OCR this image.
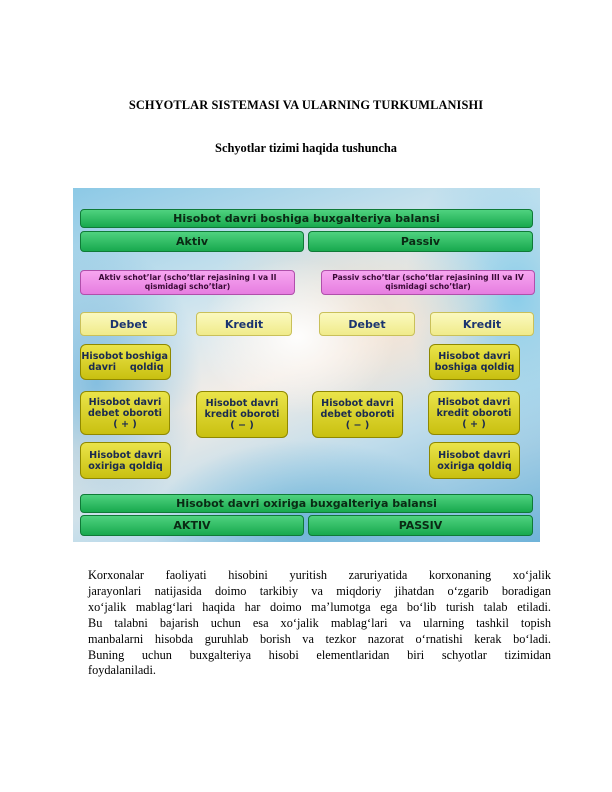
SCHYOTLAR SISTEMASI VA ULARNING TURKUMLANISHI
Schyotlar tizimi haqida tushuncha
Hisobot davri boshiga buxgalteriya balansi
Aktiv	Passiv
Aktiv schot’lar (scho’tlar rejasining I va II qismidagi scho’tlar)
Passiv scho’tlar (scho’tlar rejasining III va IV qismidagi scho’tlar)
Debet	Kredit	Debet	Kredit
Hisobot davri
boshiga qoldiq
Hisobot davri
debet oboroti
( + )
Hisobot davri
kredit oboroti
( − )
Hisobot davri
oxiriga qoldiq
Hisobot davri
boshiga qoldiq
Hisobot davri
debet oboroti
( − )
Hisobot davri
kredit oboroti
( + )
Hisobot davri
oxiriga qoldiq
Hisobot davri oxiriga buxgalteriya balansi
AKTIV	PASSIV
Korxonalar faoliyati hisobini yuritish zaruriyatida korxonaning xo‘jalik
jarayonlari natijasida doimo tarkibiy va miqdoriy jihatdan o‘zgarib boradigan
xo‘jalik mablag‘lari haqida har doimo ma’lumotga ega bo‘lib turish talab etiladi.
Bu talabni bajarish uchun esa xo‘jalik mablag‘lari va ularning tashkil topish
manbalarni hisobda guruhlab borish va tezkor nazorat o‘rnatishi kerak bo‘ladi.
Buning uchun buxgalteriya hisobi elementlaridan biri schyotlar tizimidan
foydalaniladi.
